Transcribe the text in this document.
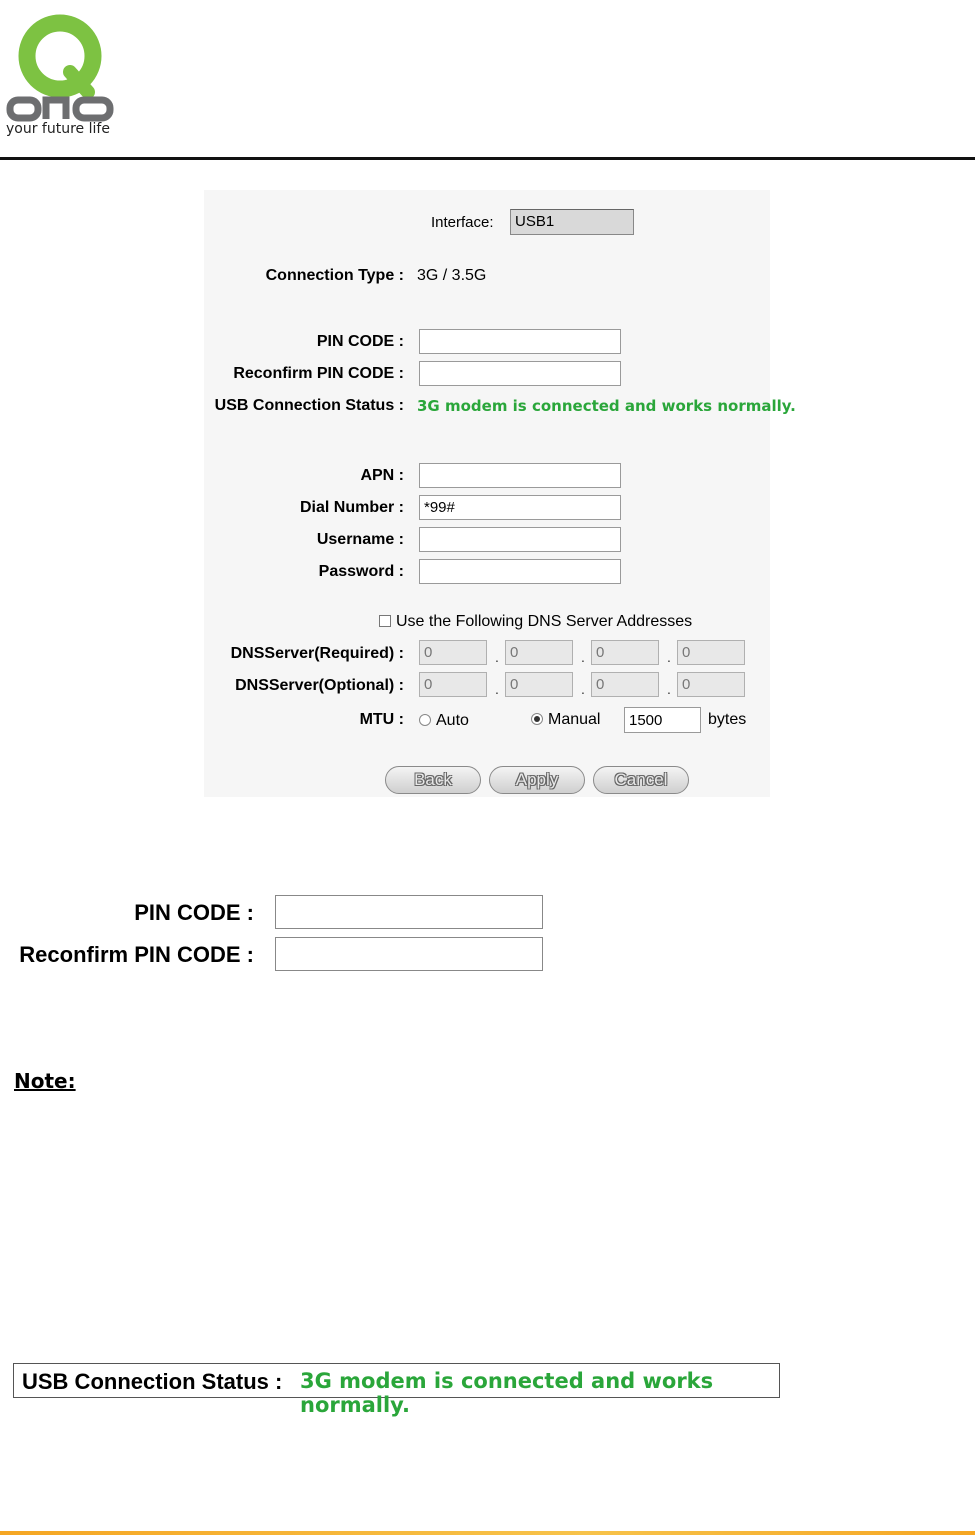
your future life
Interface:	USB1
Connection Type : 3G / 3.5G
PIN CODE :
Reconfirm PIN CODE :
USB Connection Status : 3G modem is connected and works normally.
APN :
Dial Number :
*99#
Username :
Password :
Use the Following DNS Server Addresses
DNSServer(Required) :
0	.
0	.
0	.
0
DNSServer(Optional) :
0	.
0	.
0	.
0
MTU : Auto	Manual
1500	bytes
Back	Apply	Cancel
PIN CODE :
Reconfirm PIN CODE :
Note:
USB Connection Status : 3G modem is connected and works normally.
